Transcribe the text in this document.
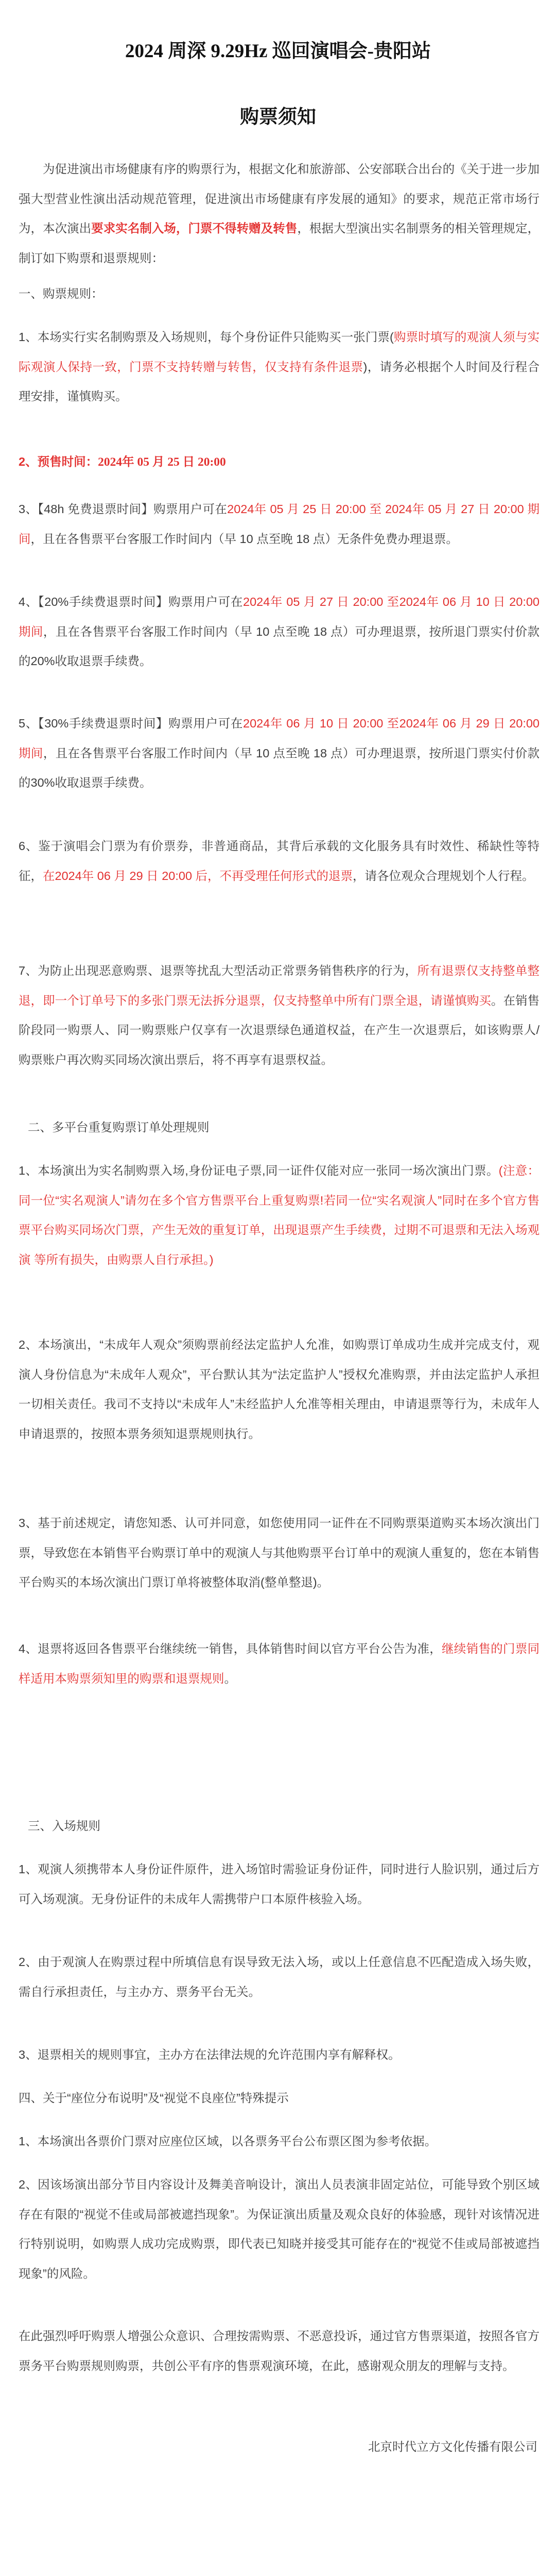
2024 周深 9.29Hz 巡回演唱会-贵阳站
购票须知

为促进演出市场健康有序的购票行为，根据文化和旅游部、公安部联合出台的《关于进一步加强大型营业性演出活动规范管理，促进演出市场健康有序发展的通知》的要求，规范正常市场行为，本次演出要求实名制入场，门票不得转赠及转售，根据大型演出实名制票务的相关管理规定，制订如下购票和退票规则：

一、购票规则：

1、本场实行实名制购票及入场规则，每个身份证件只能购买一张门票(购票时填写的观演人须与实际观演人保持一致，门票不支持转赠与转售，仅支持有条件退票)，请务必根据个人时间及行程合理安排，谨慎购买。

2、预售时间：2024年 05 月 25 日 20:00

3、【48h 免费退票时间】购票用户可在2024年 05 月 25 日 20:00 至 2024年 05 月 27 日 20:00 期间，且在各售票平台客服工作时间内（早 10 点至晚 18 点）无条件免费办理退票。

4、【20%手续费退票时间】购票用户可在2024年 05 月 27 日 20:00 至2024年 06 月 10 日 20:00 期间，且在各售票平台客服工作时间内（早 10 点至晚 18 点）可办理退票，按所退门票实付价款的20%收取退票手续费。

5、【30%手续费退票时间】购票用户可在2024年 06 月 10 日 20:00 至2024年 06 月 29 日 20:00 期间，且在各售票平台客服工作时间内（早 10 点至晚 18 点）可办理退票，按所退门票实付价款的30%收取退票手续费。

6、鉴于演唱会门票为有价票券，非普通商品，其背后承载的文化服务具有时效性、稀缺性等特征，在2024年 06 月 29 日 20:00 后，不再受理任何形式的退票，请各位观众合理规划个人行程。

7、为防止出现恶意购票、退票等扰乱大型活动正常票务销售秩序的行为，所有退票仅支持整单整退，即一个订单号下的多张门票无法拆分退票，仅支持整单中所有门票全退，请谨慎购买。在销售阶段同一购票人、同一购票账户仅享有一次退票绿色通道权益，在产生一次退票后，如该购票人/购票账户再次购买同场次演出票后，将不再享有退票权益。

二、多平台重复购票订单处理规则

1、本场演出为实名制购票入场,身份证电子票,同一证件仅能对应一张同一场次演出门票。(注意：同一位“实名观演人”请勿在多个官方售票平台上重复购票!若同一位“实名观演人”同时在多个官方售票平台购买同场次门票，产生无效的重复订单，出现退票产生手续费，过期不可退票和无法入场观演 等所有损失，由购票人自行承担。)

2、本场演出，“未成年人观众”须购票前经法定监护人允准，如购票订单成功生成并完成支付，观演人身份信息为“未成年人观众”，平台默认其为“法定监护人”授权允准购票，并由法定监护人承担一切相关责任。我司不支持以“未成年人”未经监护人允准等相关理由，申请退票等行为，未成年人申请退票的，按照本票务须知退票规则执行。

3、基于前述规定，请您知悉、认可并同意，如您使用同一证件在不同购票渠道购买本场次演出门票，导致您在本销售平台购票订单中的观演人与其他购票平台订单中的观演人重复的，您在本销售平台购买的本场次演出门票订单将被整体取消(整单整退)。

4、退票将返回各售票平台继续统一销售，具体销售时间以官方平台公告为准，继续销售的门票同样适用本购票须知里的购票和退票规则。

三、入场规则

1、观演人须携带本人身份证件原件，进入场馆时需验证身份证件，同时进行人脸识别，通过后方可入场观演。无身份证件的未成年人需携带户口本原件核验入场。

2、由于观演人在购票过程中所填信息有误导致无法入场，或以上任意信息不匹配造成入场失败， 需自行承担责任，与主办方、票务平台无关。

3、退票相关的规则事宜，主办方在法律法规的允许范围内享有解释权。

四、关于“座位分布说明”及“视觉不良座位”特殊提示

1、本场演出各票价门票对应座位区域，以各票务平台公布票区图为参考依据。

2、因该场演出部分节目内容设计及舞美音响设计，演出人员表演非固定站位，可能导致个别区域存在有限的“视觉不佳或局部被遮挡现象”。为保证演出质量及观众良好的体验感，现针对该情况进行特别说明，如购票人成功完成购票，即代表已知晓并接受其可能存在的“视觉不佳或局部被遮挡现象”的风险。

在此强烈呼吁购票人增强公众意识、合理按需购票、不恶意投诉，通过官方售票渠道，按照各官方票务平台购票规则购票，共创公平有序的售票观演环境，在此，感谢观众朋友的理解与支持。

北京时代立方文化传播有限公司
